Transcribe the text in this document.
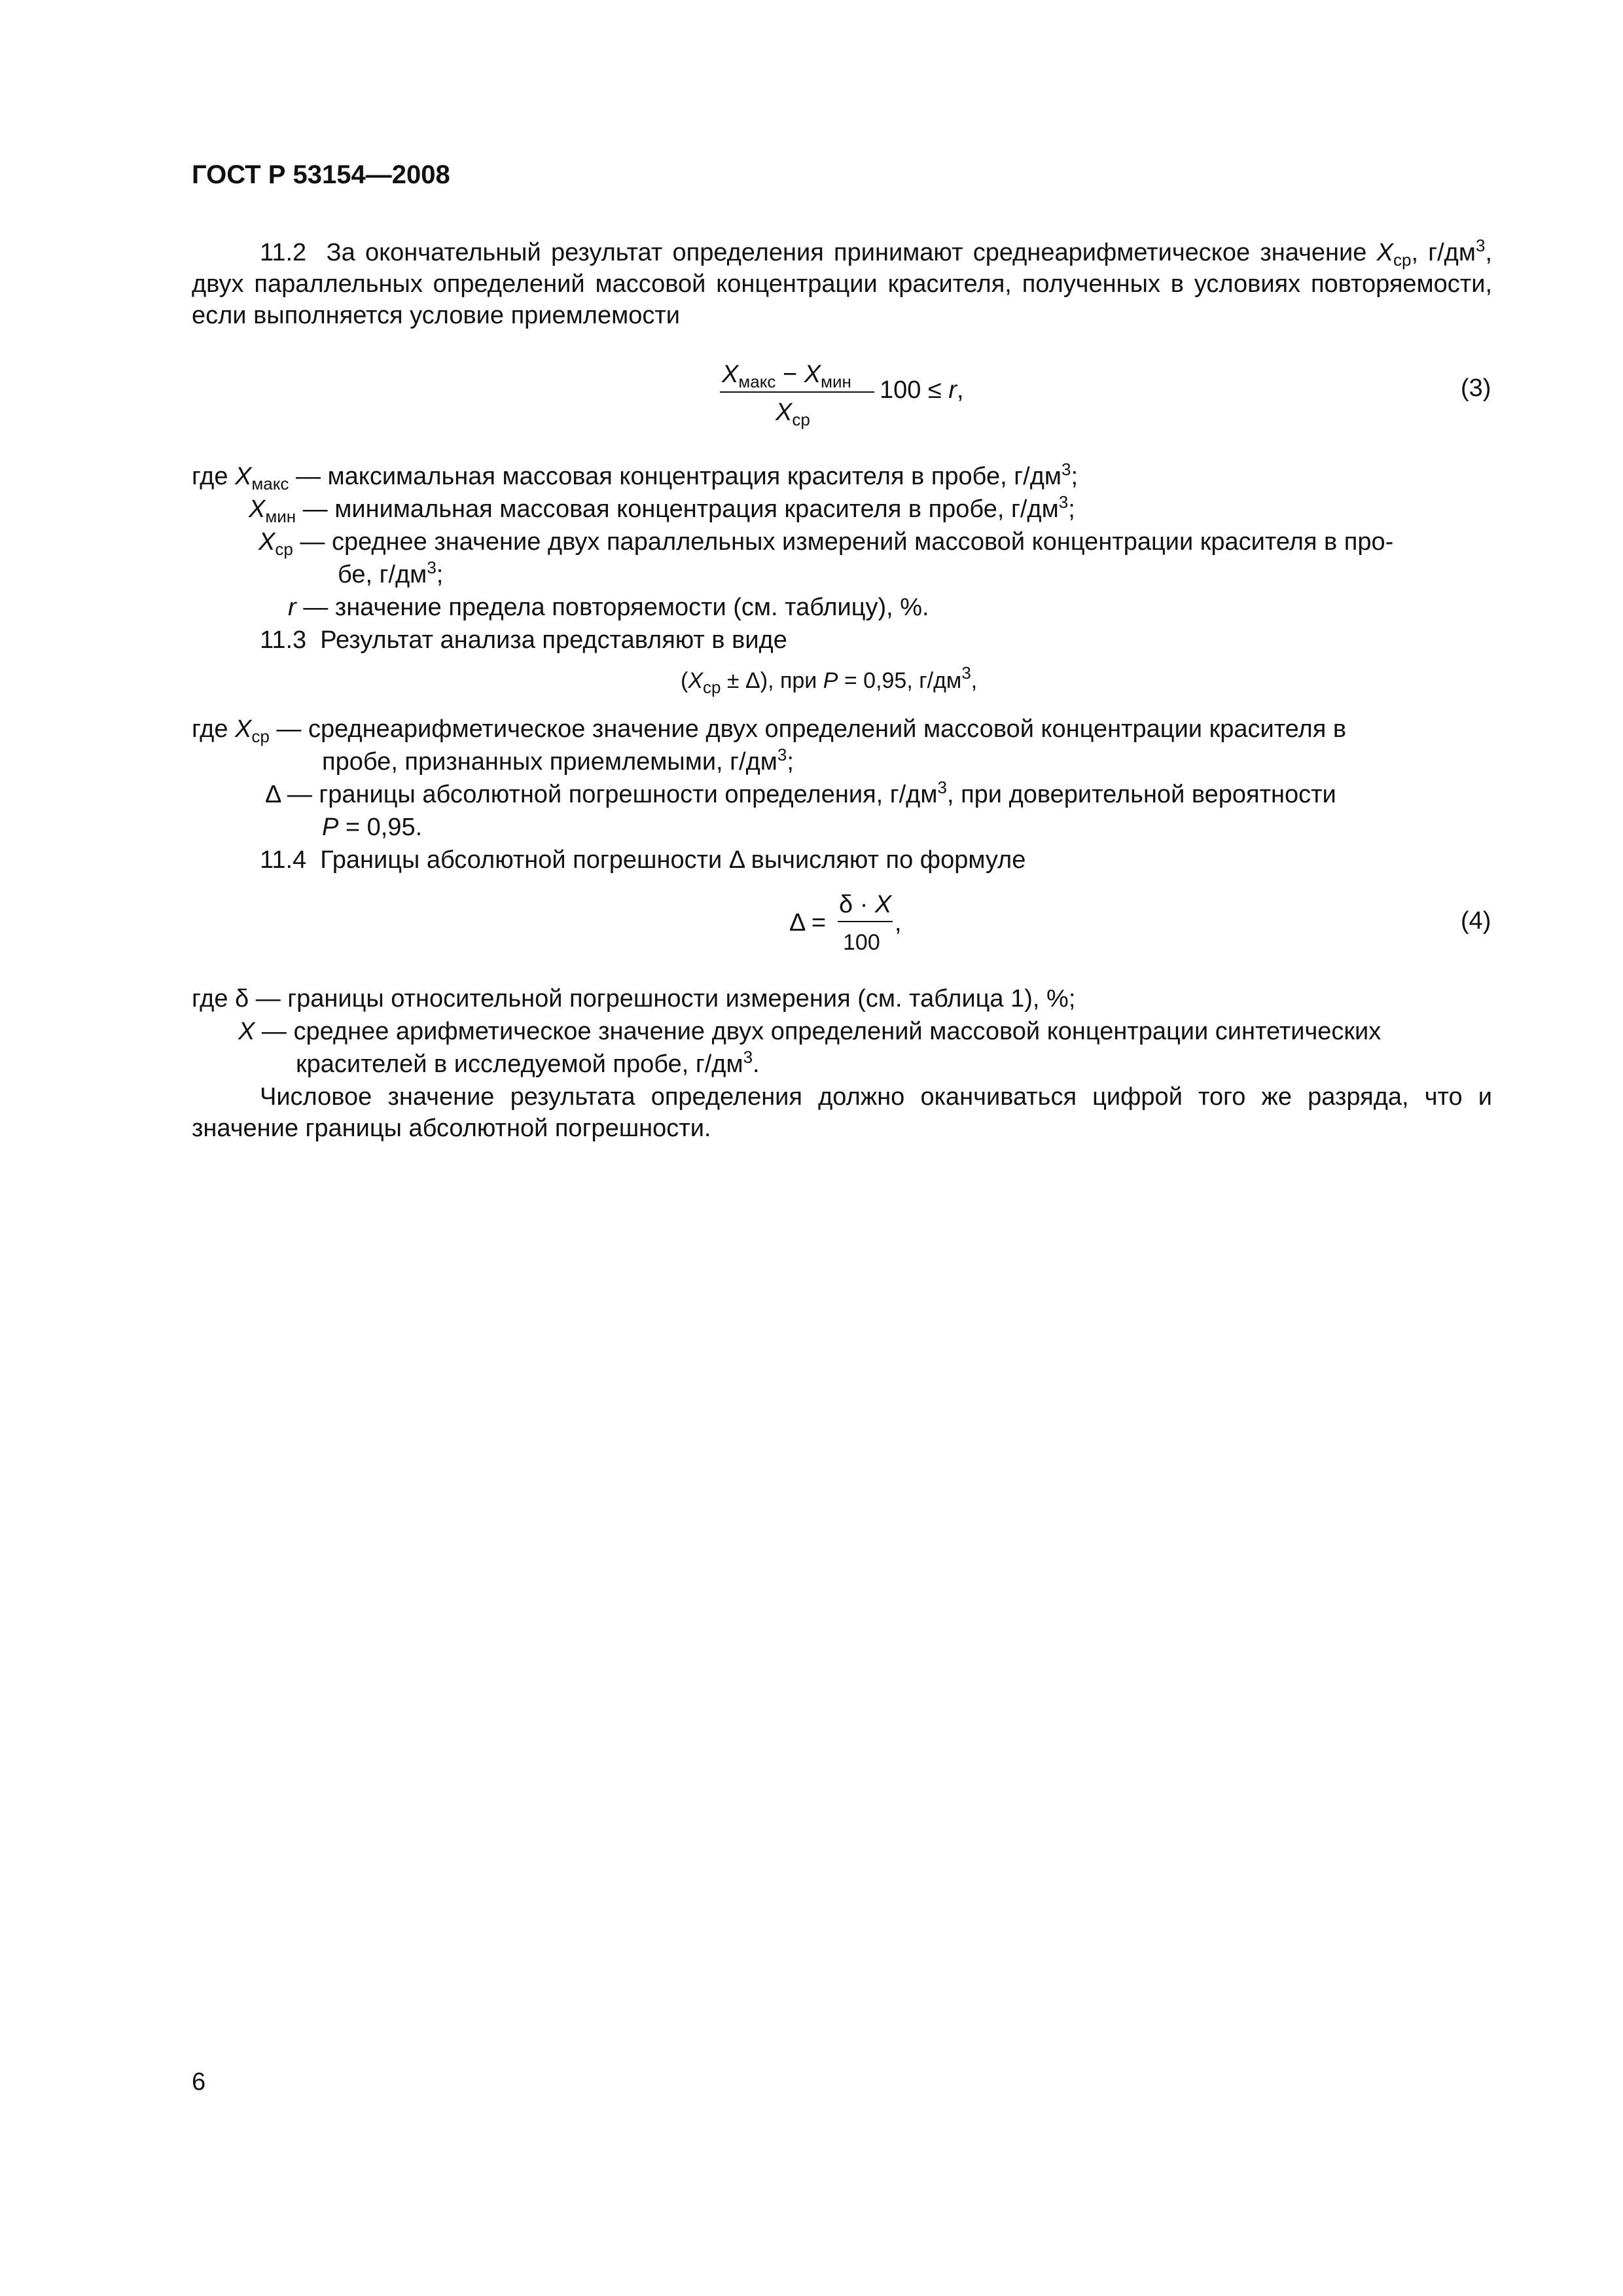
ГОСТ Р 53154—2008
11.2 За окончательный результат определения принимают среднеарифметическое значение $X_{ср}$, $г/дм^3$, двух параллельных определений массовой концентрации красителя, полученных в условиях повторяемости, если выполняется условие приемлемости
$X_{макс} - X_{мин}$
$X_{ср}$
100 ≤ r,	(3)
где $X_{макс}$ — максимальная массовая концентрация красителя в пробе, $г/дм^3$;
$X_{мин}$ — минимальная массовая концентрация красителя в пробе, $г/дм^3$;
$X_{ср}$ — среднее значение двух параллельных измерений массовой концентрации красителя в про-
бе, $г/дм^3$;
r — значение предела повторяемости (см. таблицу), %.
11.3 Результат анализа представляют в виде
$(X_{ср} \pm \Delta)$, при P = 0,95, $г/дм^3$,
где $X_{ср}$ — среднеарифметическое значение двух определений массовой концентрации красителя в
пробе, признанных приемлемыми, $г/дм^3$;
Δ — границы абсолютной погрешности определения, $г/дм^3$, при доверительной вероятности
P = 0,95.
11.4 Границы абсолютной погрешности Δ вычисляют по формуле
Δ =
δ · X
100
,	(4)
где δ — границы относительной погрешности измерения (см. таблица 1), %;
X — среднее арифметическое значение двух определений массовой концентрации синтетических
красителей в исследуемой пробе, $г/дм^3$.
Числовое значение результата определения должно оканчиваться цифрой того же разряда, что и значение границы абсолютной погрешности.
6
